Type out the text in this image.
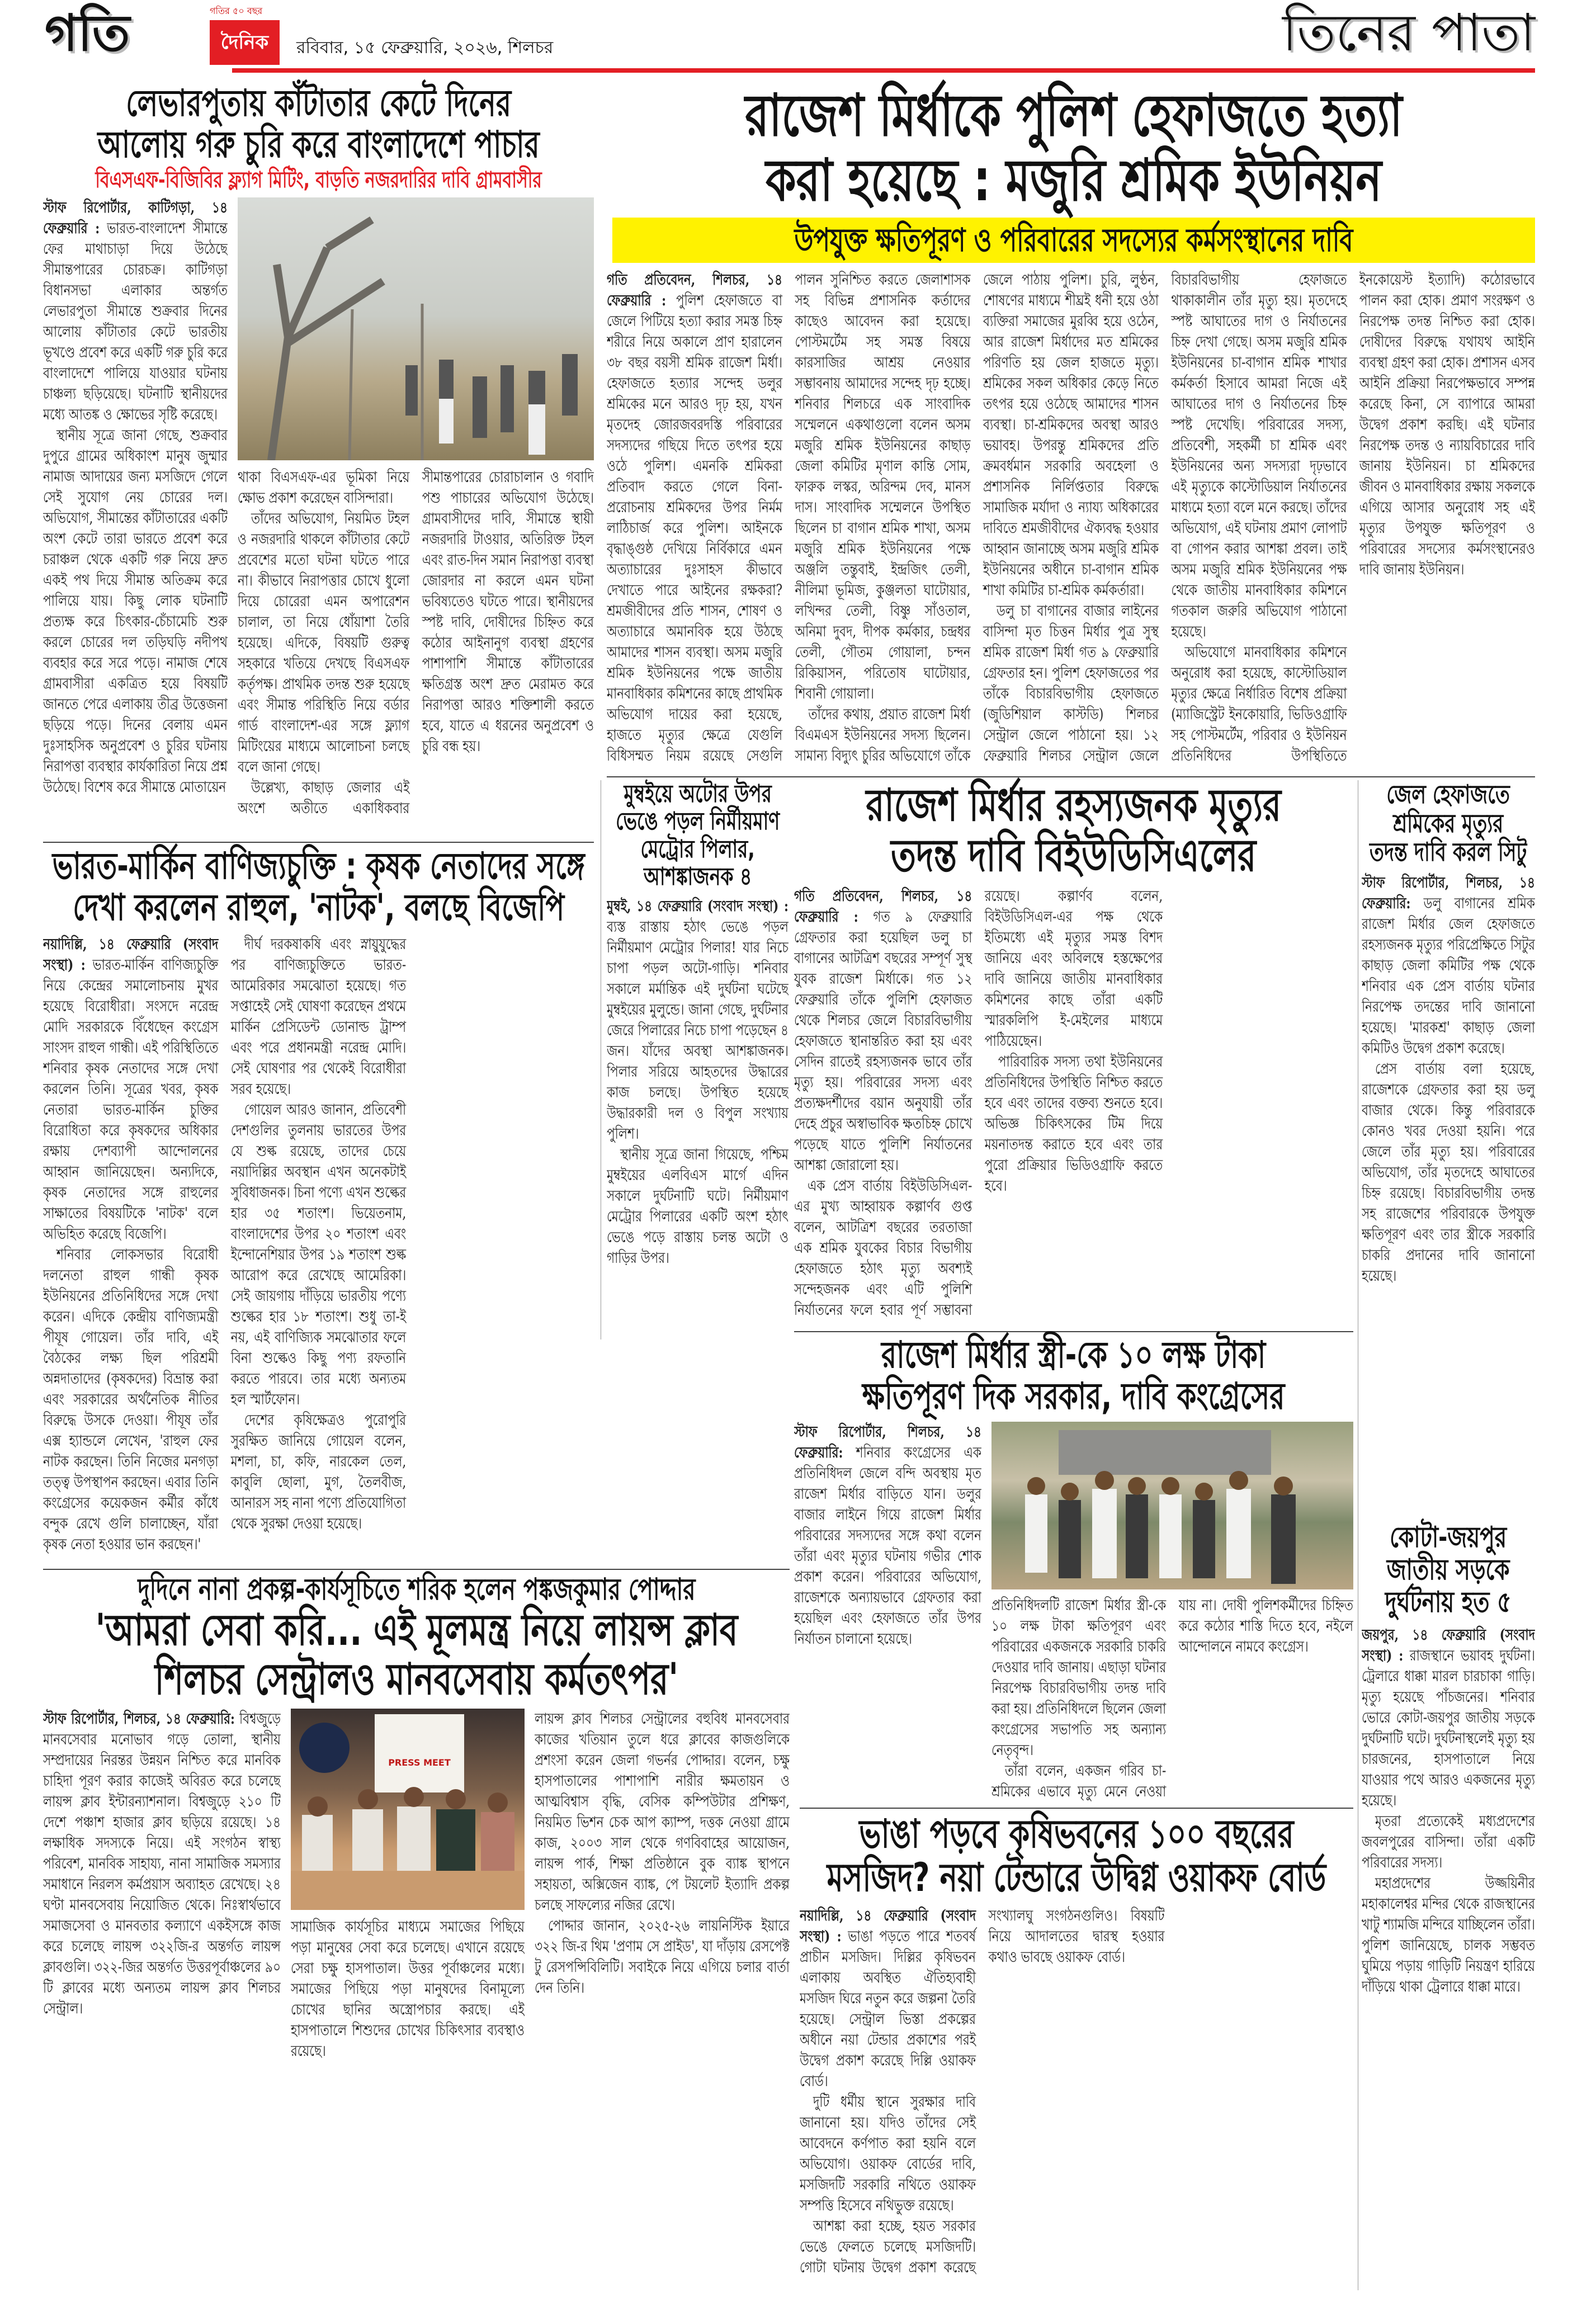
গতি	গতির ৫০ বছর
দৈনিক	রবিবার, ১৫ ফেব্রুয়ারি, ২০২৬, শিলচর	তিনের পাতা
লেভারপুতায় কাঁটাতার কেটে দিনের
আলোয় গরু চুরি করে বাংলাদেশে পাচার
বিএসএফ-বিজিবির ফ্ল্যাগ মিটিং, বাড়তি নজরদারির দাবি গ্রামবাসীর

স্টাফ রিপোর্টার, কাটিগড়া, ১৪ ফেব্রুয়ারি : ভারত-বাংলাদেশ সীমান্তে ফের মাথাচাড়া দিয়ে উঠেছে সীমান্তপারের চোরচক্র। কাটিগড়া বিধানসভা এলাকার অন্তর্গত লেভারপুতা সীমান্তে শুক্রবার দিনের আলোয় কাঁটাতার কেটে ভারতীয় ভূখণ্ডে প্রবেশ করে একটি গরু চুরি করে বাংলাদেশে পালিয়ে যাওয়ার ঘটনায় চাঞ্চল্য ছড়িয়েছে। ঘটনাটি স্থানীয়দের মধ্যে আতঙ্ক ও ক্ষোভের সৃষ্টি করেছে।

স্থানীয় সূত্রে জানা গেছে, শুক্রবার দুপুরে গ্রামের অধিকাংশ মানুষ জুম্মার নামাজ আদায়ের জন্য মসজিদে গেলে সেই সুযোগ নেয় চোরের দল। অভিযোগ, সীমান্তের কাঁটাতারের একটি অংশ কেটে তারা ভারতে প্রবেশ করে চরাঞ্চল থেকে একটি গরু নিয়ে দ্রুত একই পথ দিয়ে সীমান্ত অতিক্রম করে পালিয়ে যায়। কিছু লোক ঘটনাটি প্রত্যক্ষ করে চিৎকার-চেঁচামেচি শুরু করলে চোরের দল তড়িঘড়ি নদীপথ ব্যবহার করে সরে পড়ে। নামাজ শেষে গ্রামবাসীরা একত্রিত হয়ে বিষয়টি জানতে পেরে এলাকায় তীব্র উত্তেজনা ছড়িয়ে পড়ে। দিনের বেলায় এমন দুঃসাহসিক অনুপ্রবেশ ও চুরির ঘটনায় নিরাপত্তা ব্যবস্থার কার্যকারিতা নিয়ে প্রশ্ন উঠেছে। বিশেষ করে সীমান্তে মোতায়েন

থাকা বিএসএফ-এর ভূমিকা নিয়ে ক্ষোভ প্রকাশ করেছেন বাসিন্দারা।

তাঁদের অভিযোগ, নিয়মিত টহল ও নজরদারি থাকলে কাঁটাতার কেটে প্রবেশের মতো ঘটনা ঘটতে পারে না। কীভাবে নিরাপত্তার চোখে ধুলো দিয়ে চোরেরা এমন অপারেশন চালাল, তা নিয়ে ধোঁয়াশা তৈরি হয়েছে। এদিকে, বিষয়টি গুরুত্ব সহকারে খতিয়ে দেখছে বিএসএফ কর্তৃপক্ষ। প্রাথমিক তদন্ত শুরু হয়েছে এবং সীমান্ত পরিস্থিতি নিয়ে বর্ডার গার্ড বাংলাদেশ-এর সঙ্গে ফ্ল্যাগ মিটিংয়ের মাধ্যমে আলোচনা চলছে বলে জানা গেছে।

উল্লেখ্য, কাছাড় জেলার এই অংশে অতীতে একাধিকবার সীমান্তপারের চোরাচালান ও গবাদি পশু পাচারের অভিযোগ উঠেছে। গ্রামবাসীদের দাবি, সীমান্তে স্থায়ী নজরদারি টাওয়ার, অতিরিক্ত টহল এবং রাত-দিন সমান নিরাপত্তা ব্যবস্থা জোরদার না করলে এমন ঘটনা ভবিষ্যতেও ঘটতে পারে। স্থানীয়দের স্পষ্ট দাবি, দোষীদের চিহ্নিত করে কঠোর আইনানুগ ব্যবস্থা গ্রহণের পাশাপাশি সীমান্তে কাঁটাতারের ক্ষতিগ্রস্ত অংশ দ্রুত মেরামত করে নিরাপত্তা আরও শক্তিশালী করতে হবে, যাতে এ ধরনের অনুপ্রবেশ ও চুরি বন্ধ হয়।

রাজেশ মির্ধাকে পুলিশ হেফাজতে হত্যা
করা হয়েছে : মজুরি শ্রমিক ইউনিয়ন
উপযুক্ত ক্ষতিপূরণ ও পরিবারের সদস্যের কর্মসংস্থানের দাবি

গতি প্রতিবেদন, শিলচর, ১৪ ফেব্রুয়ারি : পুলিশ হেফাজতে বা জেলে পিটিয়ে হত্যা করার সমস্ত চিহ্ন শরীরে নিয়ে অকালে প্রাণ হারালেন ৩৮ বছর বয়সী শ্রমিক রাজেশ মির্ধা। হেফাজতে হত্যার সন্দেহ ডলুর শ্রমিকের মনে আরও দৃঢ় হয়, যখন মৃতদেহ জোরজবরদস্তি পরিবারের সদস্যদের গছিয়ে দিতে তৎপর হয়ে ওঠে পুলিশ। এমনকি শ্রমিকরা প্রতিবাদ করতে গেলে বিনা-প্ররোচনায় শ্রমিকদের উপর নির্মম লাঠিচার্জ করে পুলিশ। আইনকে বৃদ্ধাঙ্গুষ্ঠ দেখিয়ে নির্বিকারে এমন অত্যাচারের দুঃসাহস কীভাবে দেখাতে পারে আইনের রক্ষকরা? শ্রমজীবীদের প্রতি শাসন, শোষণ ও অত্যাচারে অমানবিক হয়ে উঠছে আমাদের শাসন ব্যবস্থা। অসম মজুরি শ্রমিক ইউনিয়নের পক্ষে জাতীয় মানবাধিকার কমিশনের কাছে প্রাথমিক অভিযোগ দায়ের করা হয়েছে, হাজতে মৃত্যুর ক্ষেত্রে যেগুলি বিধিসম্মত নিয়ম রয়েছে সেগুলি পালন সুনিশ্চিত করতে জেলাশাসক সহ বিভিন্ন প্রশাসনিক কর্তাদের কাছেও আবেদন করা হয়েছে। পোস্টমর্টেম সহ সমস্ত বিষয়ে কারসাজির আশ্রয় নেওয়ার সম্ভাবনায় আমাদের সন্দেহ দৃঢ় হচ্ছে। শনিবার শিলচরে এক সাংবাদিক সম্মেলনে একথাগুলো বলেন অসম মজুরি শ্রমিক ইউনিয়নের কাছাড় জেলা কমিটির মৃণাল কান্তি সোম, ফারুক লস্কর, অরিন্দম দেব, মানস দাস। সাংবাদিক সম্মেলনে উপস্থিত ছিলেন চা বাগান শ্রমিক শাখা, অসম মজুরি শ্রমিক ইউনিয়নের পক্ষে অঞ্জলি তন্তুবাই, ইন্দ্রজিৎ তেলী, নীলিমা ভূমিজ, কুঞ্জলতা ঘাটোয়ার, লখিন্দর তেলী, বিষ্ণু সাঁওতাল, অনিমা দুবদ, দীপক কর্মকার, চন্দ্রধর তেলী, গৌতম গোয়ালা, চন্দন রিকিয়াসন, পরিতোষ ঘাটোয়ার, শিবানী গোয়ালা।

তাঁদের কথায়, প্রয়াত রাজেশ মির্ধা বিএমএস ইউনিয়নের সদস্য ছিলেন। সামান্য বিদ্যুৎ চুরির অভিযোগে তাঁকে জেলে পাঠায় পুলিশ। চুরি, লুণ্ঠন, শোষণের মাধ্যমে শীঘ্রই ধনী হয়ে ওঠা ব্যক্তিরা সমাজের মুরব্বি হয়ে ওঠেন, আর রাজেশ মির্ধাদের মত শ্রমিকের পরিণতি হয় জেল হাজতে মৃত্যু। শ্রমিকের সকল অধিকার কেড়ে নিতে তৎপর হয়ে ওঠেছে আমাদের শাসন ব্যবস্থা। চা-শ্রমিকদের অবস্থা আরও ভয়াবহ। উপরন্তু শ্রমিকদের প্রতি ক্রমবর্ধমান সরকারি অবহেলা ও প্রশাসনিক নির্লিপ্ততার বিরুদ্ধে সামাজিক মর্যাদা ও ন্যায্য অধিকারের দাবিতে শ্রমজীবীদের ঐক্যবদ্ধ হওয়ার আহ্বান জানাচ্ছে অসম মজুরি শ্রমিক ইউনিয়নের অধীনে চা-বাগান শ্রমিক শাখা কমিটির চা-শ্রমিক কর্মকর্তারা।

ডলু চা বাগানের বাজার লাইনের বাসিন্দা মৃত চিত্তন মির্ধার পুত্র সুস্থ শ্রমিক রাজেশ মির্ধা গত ৯ ফেব্রুয়ারি গ্রেফতার হন। পুলিশ হেফাজতের পর তাঁকে বিচারবিভাগীয় হেফাজতে (জুডিশিয়াল কাস্টডি) শিলচর সেন্ট্রাল জেলে পাঠানো হয়। ১২ ফেব্রুয়ারি শিলচর সেন্ট্রাল জেলে বিচারবিভাগীয় হেফাজতে থাকাকালীন তাঁর মৃত্যু হয়। মৃতদেহে স্পষ্ট আঘাতের দাগ ও নির্যাতনের চিহ্ন দেখা গেছে। অসম মজুরি শ্রমিক ইউনিয়নের চা-বাগান শ্রমিক শাখার কর্মকর্তা হিসাবে আমরা নিজে এই আঘাতের দাগ ও নির্যাতনের চিহ্ন স্পষ্ট দেখেছি। পরিবারের সদস্য, প্রতিবেশী, সহকর্মী চা শ্রমিক এবং ইউনিয়নের অন্য সদস্যরা দৃঢ়ভাবে এই মৃত্যুকে কাস্টোডিয়াল নির্যাতনের মাধ্যমে হত্যা বলে মনে করছে। তাঁদের অভিযোগ, এই ঘটনায় প্রমাণ লোপাট বা গোপন করার আশঙ্কা প্রবল। তাই অসম মজুরি শ্রমিক ইউনিয়নের পক্ষ থেকে জাতীয় মানবাধিকার কমিশনে গতকাল জরুরি অভিযোগ পাঠানো হয়েছে।

অভিযোগে মানবাধিকার কমিশনে অনুরোধ করা হয়েছে, কাস্টোডিয়াল মৃত্যুর ক্ষেত্রে নির্ধারিত বিশেষ প্রক্রিয়া (ম্যাজিস্ট্রেট ইনকোয়ারি, ভিডিওগ্রাফি সহ পোস্টমর্টেম, পরিবার ও ইউনিয়ন প্রতিনিধিদের উপস্থিতিতে ইনকোয়েস্ট ইত্যাদি) কঠোরভাবে পালন করা হোক। প্রমাণ সংরক্ষণ ও নিরপেক্ষ তদন্ত নিশ্চিত করা হোক। দোষীদের বিরুদ্ধে যথাযথ আইনি ব্যবস্থা গ্রহণ করা হোক। প্রশাসন এসব আইনি প্রক্রিয়া নিরপেক্ষভাবে সম্পন্ন করেছে কিনা, সে ব্যাপারে আমরা উদ্বেগ প্রকাশ করছি। এই ঘটনার নিরপেক্ষ তদন্ত ও ন্যায়বিচারের দাবি জানায় ইউনিয়ন। চা শ্রমিকদের জীবন ও মানবাধিকার রক্ষায় সকলকে এগিয়ে আসার অনুরোধ সহ এই মৃত্যুর উপযুক্ত ক্ষতিপূরণ ও পরিবারের সদস্যের কর্মসংস্থানেরও দাবি জানায় ইউনিয়ন।

ভারত-মার্কিন বাণিজ্যচুক্তি : কৃষক নেতাদের সঙ্গে
দেখা করলেন রাহুল, 'নাটক', বলছে বিজেপি

নয়াদিল্লি, ১৪ ফেব্রুয়ারি (সংবাদ সংস্থা) : ভারত-মার্কিন বাণিজ্যচুক্তি নিয়ে কেন্দ্রের সমালোচনায় মুখর হয়েছে বিরোধীরা। সংসদে নরেন্দ্র মোদি সরকারকে বিঁধেছেন কংগ্রেস সাংসদ রাহুল গান্ধী। এই পরিস্থিতিতে শনিবার কৃষক নেতাদের সঙ্গে দেখা করলেন তিনি। সূত্রের খবর, কৃষক নেতারা ভারত-মার্কিন চুক্তির বিরোধিতা করে কৃষকদের অধিকার রক্ষায় দেশব্যাপী আন্দোলনের আহ্বান জানিয়েছেন। অন্যদিকে, কৃষক নেতাদের সঙ্গে রাহুলের সাক্ষাতের বিষয়টিকে 'নাটক' বলে অভিহিত করেছে বিজেপি।

শনিবার লোকসভার বিরোধী দলনেতা রাহুল গান্ধী কৃষক ইউনিয়নের প্রতিনিধিদের সঙ্গে দেখা করেন। এদিকে কেন্দ্রীয় বাণিজ্যমন্ত্রী পীযূষ গোয়েল। তাঁর দাবি, এই বৈঠকের লক্ষ্য ছিল পরিশ্রমী অন্নদাতাদের (কৃষকদের) বিভ্রান্ত করা এবং সরকারের অর্থনৈতিক নীতির বিরুদ্ধে উসকে দেওয়া। পীযূষ তাঁর এক্স হ্যান্ডলে লেখেন, 'রাহুল ফের নাটক করছেন। তিনি নিজের মনগড়া তত্ত্ব উপস্থাপন করছেন। এবার তিনি কংগ্রেসের কয়েকজন কর্মীর কাঁধে বন্দুক রেখে গুলি চালাচ্ছেন, যাঁরা কৃষক নেতা হওয়ার ভান করছেন।'

দীর্ঘ দরকষাকষি এবং স্নায়ুযুদ্ধের পর বাণিজ্যচুক্তিতে ভারত-আমেরিকার সমঝোতা হয়েছে। গত সপ্তাহেই সেই ঘোষণা করেছেন প্রথমে মার্কিন প্রেসিডেন্ট ডোনাল্ড ট্রাম্প এবং পরে প্রধানমন্ত্রী নরেন্দ্র মোদি। সেই ঘোষণার পর থেকেই বিরোধীরা সরব হয়েছে।

গোয়েল আরও জানান, প্রতিবেশী দেশগুলির তুলনায় ভারতের উপর যে শুল্ক রয়েছে, তাদের চেয়ে নয়াদিল্লির অবস্থান এখন অনেকটাই সুবিধাজনক। চিনা পণ্যে এখন শুল্কের হার ৩৫ শতাংশ। ভিয়েতনাম, বাংলাদেশের উপর ২০ শতাংশ এবং ইন্দোনেশিয়ার উপর ১৯ শতাংশ শুল্ক আরোপ করে রেখেছে আমেরিকা। সেই জায়গায় দাঁড়িয়ে ভারতীয় পণ্যে শুল্কের হার ১৮ শতাংশ। শুধু তা-ই নয়, এই বাণিজ্যিক সমঝোতার ফলে বিনা শুল্কেও কিছু পণ্য রফতানি করতে পারবে। তার মধ্যে অন্যতম হল স্মার্টফোন।

দেশের কৃষিক্ষেত্রও পুরোপুরি সুরক্ষিত জানিয়ে গোয়েল বলেন, মশলা, চা, কফি, নারকেল তেল, কাবুলি ছোলা, মুগ, তৈলবীজ, আনারস সহ নানা পণ্যে প্রতিযোগিতা থেকে সুরক্ষা দেওয়া হয়েছে।

মুম্বইয়ে অটোর উপর
ভেঙে পড়ল নির্মীয়মাণ
মেট্রোর পিলার,
আশঙ্কাজনক ৪

মুম্বই, ১৪ ফেব্রুয়ারি (সংবাদ সংস্থা) : ব্যস্ত রাস্তায় হঠাৎ ভেঙে পড়ল নির্মীয়মাণ মেট্রোর পিলার! যার নিচে চাপা পড়ল অটো-গাড়ি। শনিবার সকালে মর্মান্তিক এই দুর্ঘটনা ঘটেছে মুম্বইয়ের মুলুন্ডে। জানা গেছে, দুর্ঘটনার জেরে পিলারের নিচে চাপা পড়েছেন ৪ জন। যাঁদের অবস্থা আশঙ্কাজনক। পিলার সরিয়ে আহতদের উদ্ধারের কাজ চলছে। উপস্থিত হয়েছে উদ্ধারকারী দল ও বিপুল সংখ্যায় পুলিশ।

স্থানীয় সূত্রে জানা গিয়েছে, পশ্চিম মুম্বইয়ের এলবিএস মার্গে এদিন সকালে দুর্ঘটনাটি ঘটে। নির্মীয়মাণ মেট্রোর পিলারের একটি অংশ হঠাৎ ভেঙে পড়ে রাস্তায় চলন্ত অটো ও গাড়ির উপর।

রাজেশ মির্ধার রহস্যজনক মৃত্যুর
তদন্ত দাবি বিইউডিসিএলের

গতি প্রতিবেদন, শিলচর, ১৪ ফেব্রুয়ারি : গত ৯ ফেব্রুয়ারি গ্রেফতার করা হয়েছিল ডলু চা বাগানের আটত্রিশ বছরের সম্পূর্ণ সুস্থ যুবক রাজেশ মির্ধাকে। গত ১২ ফেব্রুয়ারি তাঁকে পুলিশি হেফাজত থেকে শিলচর জেলে বিচারবিভাগীয় হেফাজতে স্থানান্তরিত করা হয় এবং সেদিন রাতেই রহস্যজনক ভাবে তাঁর মৃত্যু হয়। পরিবারের সদস্য এবং প্রত্যক্ষদর্শীদের বয়ান অনুযায়ী তাঁর দেহে প্রচুর অস্বাভাবিক ক্ষতচিহ্ন চোখে পড়েছে যাতে পুলিশি নির্যাতনের আশঙ্কা জোরালো হয়।

এক প্রেস বার্তায় বিইউডিসিএল-এর মুখ্য আহ্বায়ক কল্পার্ণব গুপ্ত বলেন, আটত্রিশ বছরের তরতাজা এক শ্রমিক যুবকের বিচার বিভাগীয় হেফাজতে হঠাৎ মৃত্যু অবশ্যই সন্দেহজনক এবং এটি পুলিশি নির্যাতনের ফলে হবার পূর্ণ সম্ভাবনা রয়েছে। কল্পার্ণব বলেন, বিইউডিসিএল-এর পক্ষ থেকে ইতিমধ্যে এই মৃত্যুর সমস্ত বিশদ জানিয়ে এবং অবিলম্বে হস্তক্ষেপের দাবি জানিয়ে জাতীয় মানবাধিকার কমিশনের কাছে তাঁরা একটি স্মারকলিপি ই-মেইলের মাধ্যমে পাঠিয়েছেন।

পারিবারিক সদস্য তথা ইউনিয়নের প্রতিনিধিদের উপস্থিতি নিশ্চিত করতে হবে এবং তাদের বক্তব্য শুনতে হবে। অভিজ্ঞ চিকিৎসকের টিম দিয়ে ময়নাতদন্ত করাতে হবে এবং তার পুরো প্রক্রিয়ার ভিডিওগ্রাফি করতে হবে।

জেল হেফাজতে
শ্রমিকের মৃত্যুর
তদন্ত দাবি করল সিটু

স্টাফ রিপোর্টার, শিলচর, ১৪ ফেব্রুয়ারি: ডলু বাগানের শ্রমিক রাজেশ মির্ধার জেল হেফাজতে রহস্যজনক মৃত্যুর পরিপ্রেক্ষিতে সিটুর কাছাড় জেলা কমিটির পক্ষ থেকে শনিবার এক প্রেস বার্তায় ঘটনার নিরপেক্ষ তদন্তের দাবি জানানো হয়েছে। 'মারকশ্র' কাছাড় জেলা কমিটিও উদ্বেগ প্রকাশ করেছে।

প্রেস বার্তায় বলা হয়েছে, রাজেশকে গ্রেফতার করা হয় ডলু বাজার থেকে। কিন্তু পরিবারকে কোনও খবর দেওয়া হয়নি। পরে জেলে তাঁর মৃত্যু হয়। পরিবারের অভিযোগ, তাঁর মৃতদেহে আঘাতের চিহ্ন রয়েছে। বিচারবিভাগীয় তদন্ত সহ রাজেশের পরিবারকে উপযুক্ত ক্ষতিপূরণ এবং তার স্ত্রীকে সরকারি চাকরি প্রদানের দাবি জানানো হয়েছে।

কোটা-জয়পুর
জাতীয় সড়কে
দুর্ঘটনায় হত ৫

জয়পুর, ১৪ ফেব্রুয়ারি (সংবাদ সংস্থা) : রাজস্থানে ভয়াবহ দুর্ঘটনা। ট্রেলারে ধাক্কা মারল চারচাকা গাড়ি। মৃত্যু হয়েছে পাঁচজনের। শনিবার ভোরে কোটা-জয়পুর জাতীয় সড়কে দুর্ঘটনাটি ঘটে। দুর্ঘটনাস্থলেই মৃত্যু হয় চারজনের, হাসপাতালে নিয়ে যাওয়ার পথে আরও একজনের মৃত্যু হয়েছে।

মৃতরা প্রত্যেকেই মধ্যপ্রদেশের জবলপুরের বাসিন্দা। তাঁরা একটি পরিবারের সদস্য।

মহাপ্রদেশের উজ্জয়িনীর মহাকালেশ্বর মন্দির থেকে রাজস্থানের খাটু শ্যামজি মন্দিরে যাচ্ছিলেন তাঁরা। পুলিশ জানিয়েছে, চালক সম্ভবত ঘুমিয়ে পড়ায় গাড়িটি নিয়ন্ত্রণ হারিয়ে দাঁড়িয়ে থাকা ট্রেলারে ধাক্কা মারে।

রাজেশ মির্ধার স্ত্রী-কে ১০ লক্ষ টাকা
ক্ষতিপূরণ দিক সরকার, দাবি কংগ্রেসের

স্টাফ রিপোর্টার, শিলচর, ১৪ ফেব্রুয়ারি: শনিবার কংগ্রেসের এক প্রতিনিধিদল জেলে বন্দি অবস্থায় মৃত রাজেশ মির্ধার বাড়িতে যান। ডলুর বাজার লাইনে গিয়ে রাজেশ মির্ধার পরিবারের সদস্যদের সঙ্গে কথা বলেন তাঁরা এবং মৃত্যুর ঘটনায় গভীর শোক প্রকাশ করেন। পরিবারের অভিযোগ, রাজেশকে অন্যায়ভাবে গ্রেফতার করা হয়েছিল এবং হেফাজতে তাঁর উপর নির্যাতন চালানো হয়েছে।

প্রতিনিধিদলটি রাজেশ মির্ধার স্ত্রী-কে ১০ লক্ষ টাকা ক্ষতিপূরণ এবং পরিবারের একজনকে সরকারি চাকরি দেওয়ার দাবি জানায়। এছাড়া ঘটনার নিরপেক্ষ বিচারবিভাগীয় তদন্ত দাবি করা হয়। প্রতিনিধিদলে ছিলেন জেলা কংগ্রেসের সভাপতি সহ অন্যান্য নেতৃবৃন্দ।

তাঁরা বলেন, একজন গরিব চা-শ্রমিকের এভাবে মৃত্যু মেনে নেওয়া যায় না। দোষী পুলিশকর্মীদের চিহ্নিত করে কঠোর শাস্তি দিতে হবে, নইলে আন্দোলনে নামবে কংগ্রেস।

দুদিনে নানা প্রকল্প-কার্যসূচিতে শরিক হলেন পঙ্কজকুমার পোদ্দার
'আমরা সেবা করি... এই মূলমন্ত্র নিয়ে লায়ন্স ক্লাব
শিলচর সেন্ট্রালও মানবসেবায় কর্মতৎপর'

স্টাফ রিপোর্টার, শিলচর, ১৪ ফেব্রুয়ারি: বিশ্বজুড়ে মানবসেবার মনোভাব গড়ে তোলা, স্থানীয় সম্প্রদায়ের নিরন্তর উন্নয়ন নিশ্চিত করে মানবিক চাহিদা পূরণ করার কাজেই অবিরত করে চলেছে লায়ন্স ক্লাব ইন্টারন্যাশনাল। বিশ্বজুড়ে ২১০ টি দেশে পঞ্চাশ হাজার ক্লাব ছড়িয়ে রয়েছে। ১৪ লক্ষাধিক সদস্যকে নিয়ে। এই সংগঠন স্বাস্থ্য পরিবেশ, মানবিক সাহায্য, নানা সামাজিক সমস্যার সমাধানে নিরলস কর্মপ্রয়াস অব্যাহত রেখেছে। ২৪ ঘণ্টা মানবসেবায় নিয়োজিত থেকে। নিঃস্বার্থভাবে সমাজসেবা ও মানবতার কল্যাণে একইসঙ্গে কাজ করে চলেছে লায়ন্স ৩২২জি-র অন্তর্গত লায়ন্স ক্লাবগুলি। ৩২২-জির অন্তর্গত উত্তরপূর্বাঞ্চলের ৯০ টি ক্লাবের মধ্যে অন্যতম লায়ন্স ক্লাব শিলচর সেন্ট্রাল।

PRESS MEET

সামাজিক কার্যসূচির মাধ্যমে সমাজের পিছিয়ে পড়া মানুষের সেবা করে চলেছে। এখানে রয়েছে সেরা চক্ষু হাসপাতাল। উত্তর পূর্বাঞ্চলের মধ্যে। সমাজের পিছিয়ে পড়া মানুষদের বিনামূল্যে চোখের ছানির অস্ত্রোপচার করছে। এই হাসপাতালে শিশুদের চোখের চিকিৎসার ব্যবস্থাও রয়েছে।

লায়ন্স ক্লাব শিলচর সেন্ট্রালের বহুবিধ মানবসেবার কাজের খতিয়ান তুলে ধরে ক্লাবের কাজগুলিকে প্রশংসা করেন জেলা গভর্নর পোদ্দার। বলেন, চক্ষু হাসপাতালের পাশাপাশি নারীর ক্ষমতায়ন ও আত্মবিশ্বাস বৃদ্ধি, বেসিক কম্পিউটার প্রশিক্ষণ, নিয়মিত ভিশন চেক আপ ক্যাম্প, দত্তক নেওয়া গ্রামে কাজ, ২০০৩ সাল থেকে গণবিবাহের আয়োজন, লায়ন্স পার্ক, শিক্ষা প্রতিষ্ঠানে বুক ব্যাঙ্ক স্থাপনে সহায়তা, অক্সিজেন ব্যাঙ্ক, পে টয়লেট ইত্যাদি প্রকল্প চলছে সাফল্যের নজির রেখে।

পোদ্দার জানান, ২০২৫-২৬ লায়নিস্টিক ইয়ারে ৩২২ জি-র থিম 'প্রণাম সে প্রাইড', যা দাঁড়ায় রেসপেক্ট টু রেসপন্সিবিলিটি। সবাইকে নিয়ে এগিয়ে চলার বার্তা দেন তিনি।

ভাঙা পড়বে কৃষিভবনের ১০০ বছরের
মসজিদ? নয়া টেন্ডারে উদ্বিগ্ন ওয়াকফ বোর্ড

নয়াদিল্লি, ১৪ ফেব্রুয়ারি (সংবাদ সংস্থা) : ভাঙা পড়তে পারে শতবর্ষ প্রাচীন মসজিদ। দিল্লির কৃষিভবন এলাকায় অবস্থিত ঐতিহ্যবাহী মসজিদ ঘিরে নতুন করে জল্পনা তৈরি হয়েছে। সেন্ট্রাল ভিস্তা প্রকল্পের অধীনে নয়া টেন্ডার প্রকাশের পরই উদ্বেগ প্রকাশ করেছে দিল্লি ওয়াকফ বোর্ড।

দুটি ধর্মীয় স্থানে সুরক্ষার দাবি জানানো হয়। যদিও তাঁদের সেই আবেদনে কর্ণপাত করা হয়নি বলে অভিযোগ। ওয়াকফ বোর্ডের দাবি, মসজিদটি সরকারি নথিতে ওয়াকফ সম্পত্তি হিসেবে নথিভুক্ত রয়েছে।

আশঙ্কা করা হচ্ছে, হয়ত সরকার ভেঙে ফেলতে চলেছে মসজিদটি। গোটা ঘটনায় উদ্বেগ প্রকাশ করেছে সংখ্যালঘু সংগঠনগুলিও। বিষয়টি নিয়ে আদালতের দ্বারস্থ হওয়ার কথাও ভাবছে ওয়াকফ বোর্ড।
